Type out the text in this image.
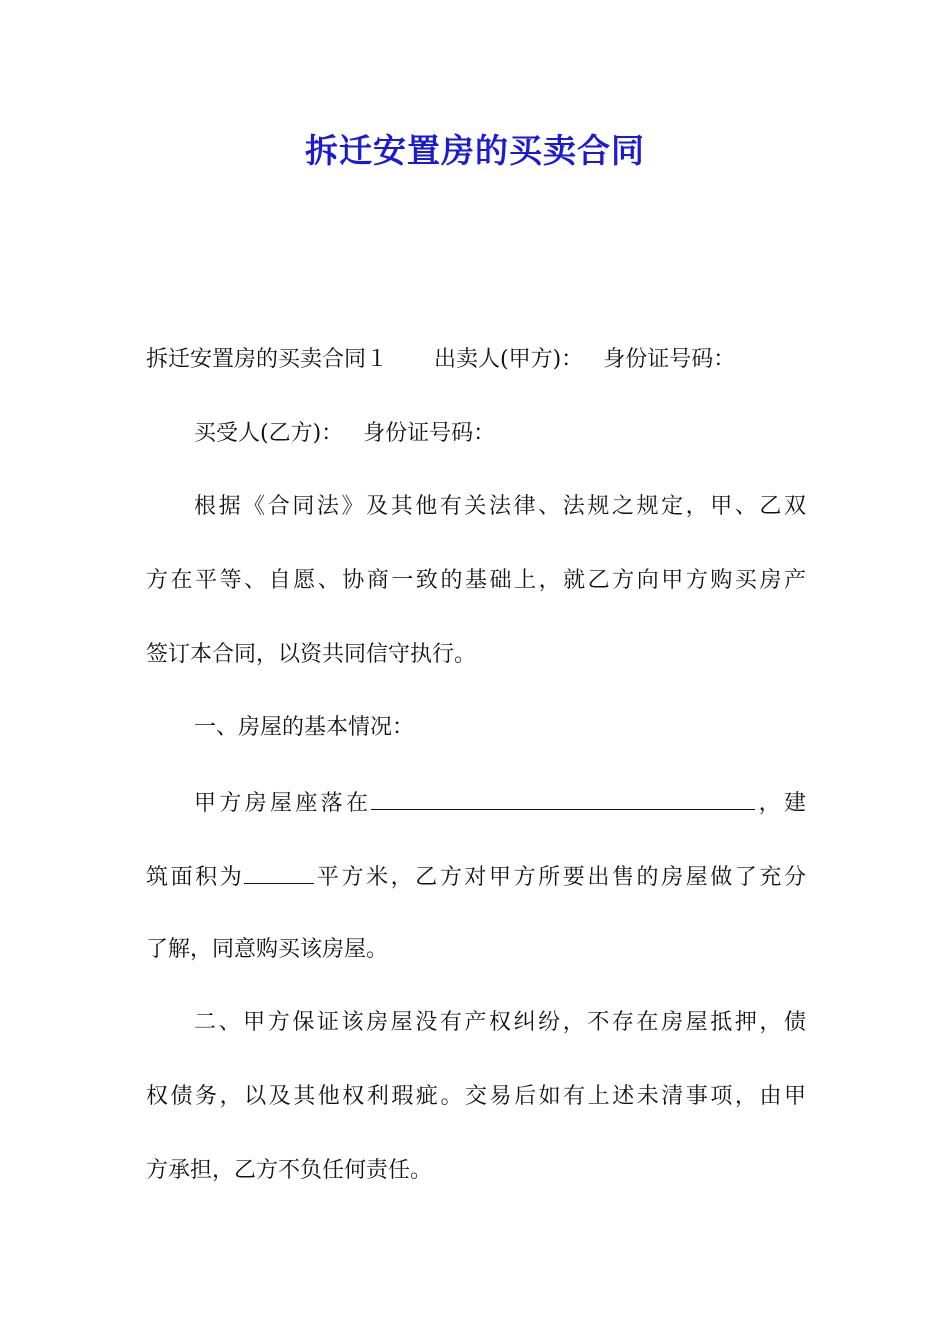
拆迁安置房的买卖合同

拆迁安置房的买卖合同１ 出卖人(甲方)： 身份证号码：

买受人(乙方)： 身份证号码：

根据《合同法》及其他有关法律、法规之规定，甲、乙双

方在平等、自愿、协商一致的基础上，就乙方向甲方购买房产

签订本合同，以资共同信守执行。

一、房屋的基本情况：

甲方房屋座落在	，建

筑面积为	平方米，乙方对甲方所要出售的房屋做了充分

了解，同意购买该房屋。

二、甲方保证该房屋没有产权纠纷，不存在房屋抵押，债

权债务，以及其他权利瑕疵。交易后如有上述未清事项，由甲

方承担，乙方不负任何责任。
